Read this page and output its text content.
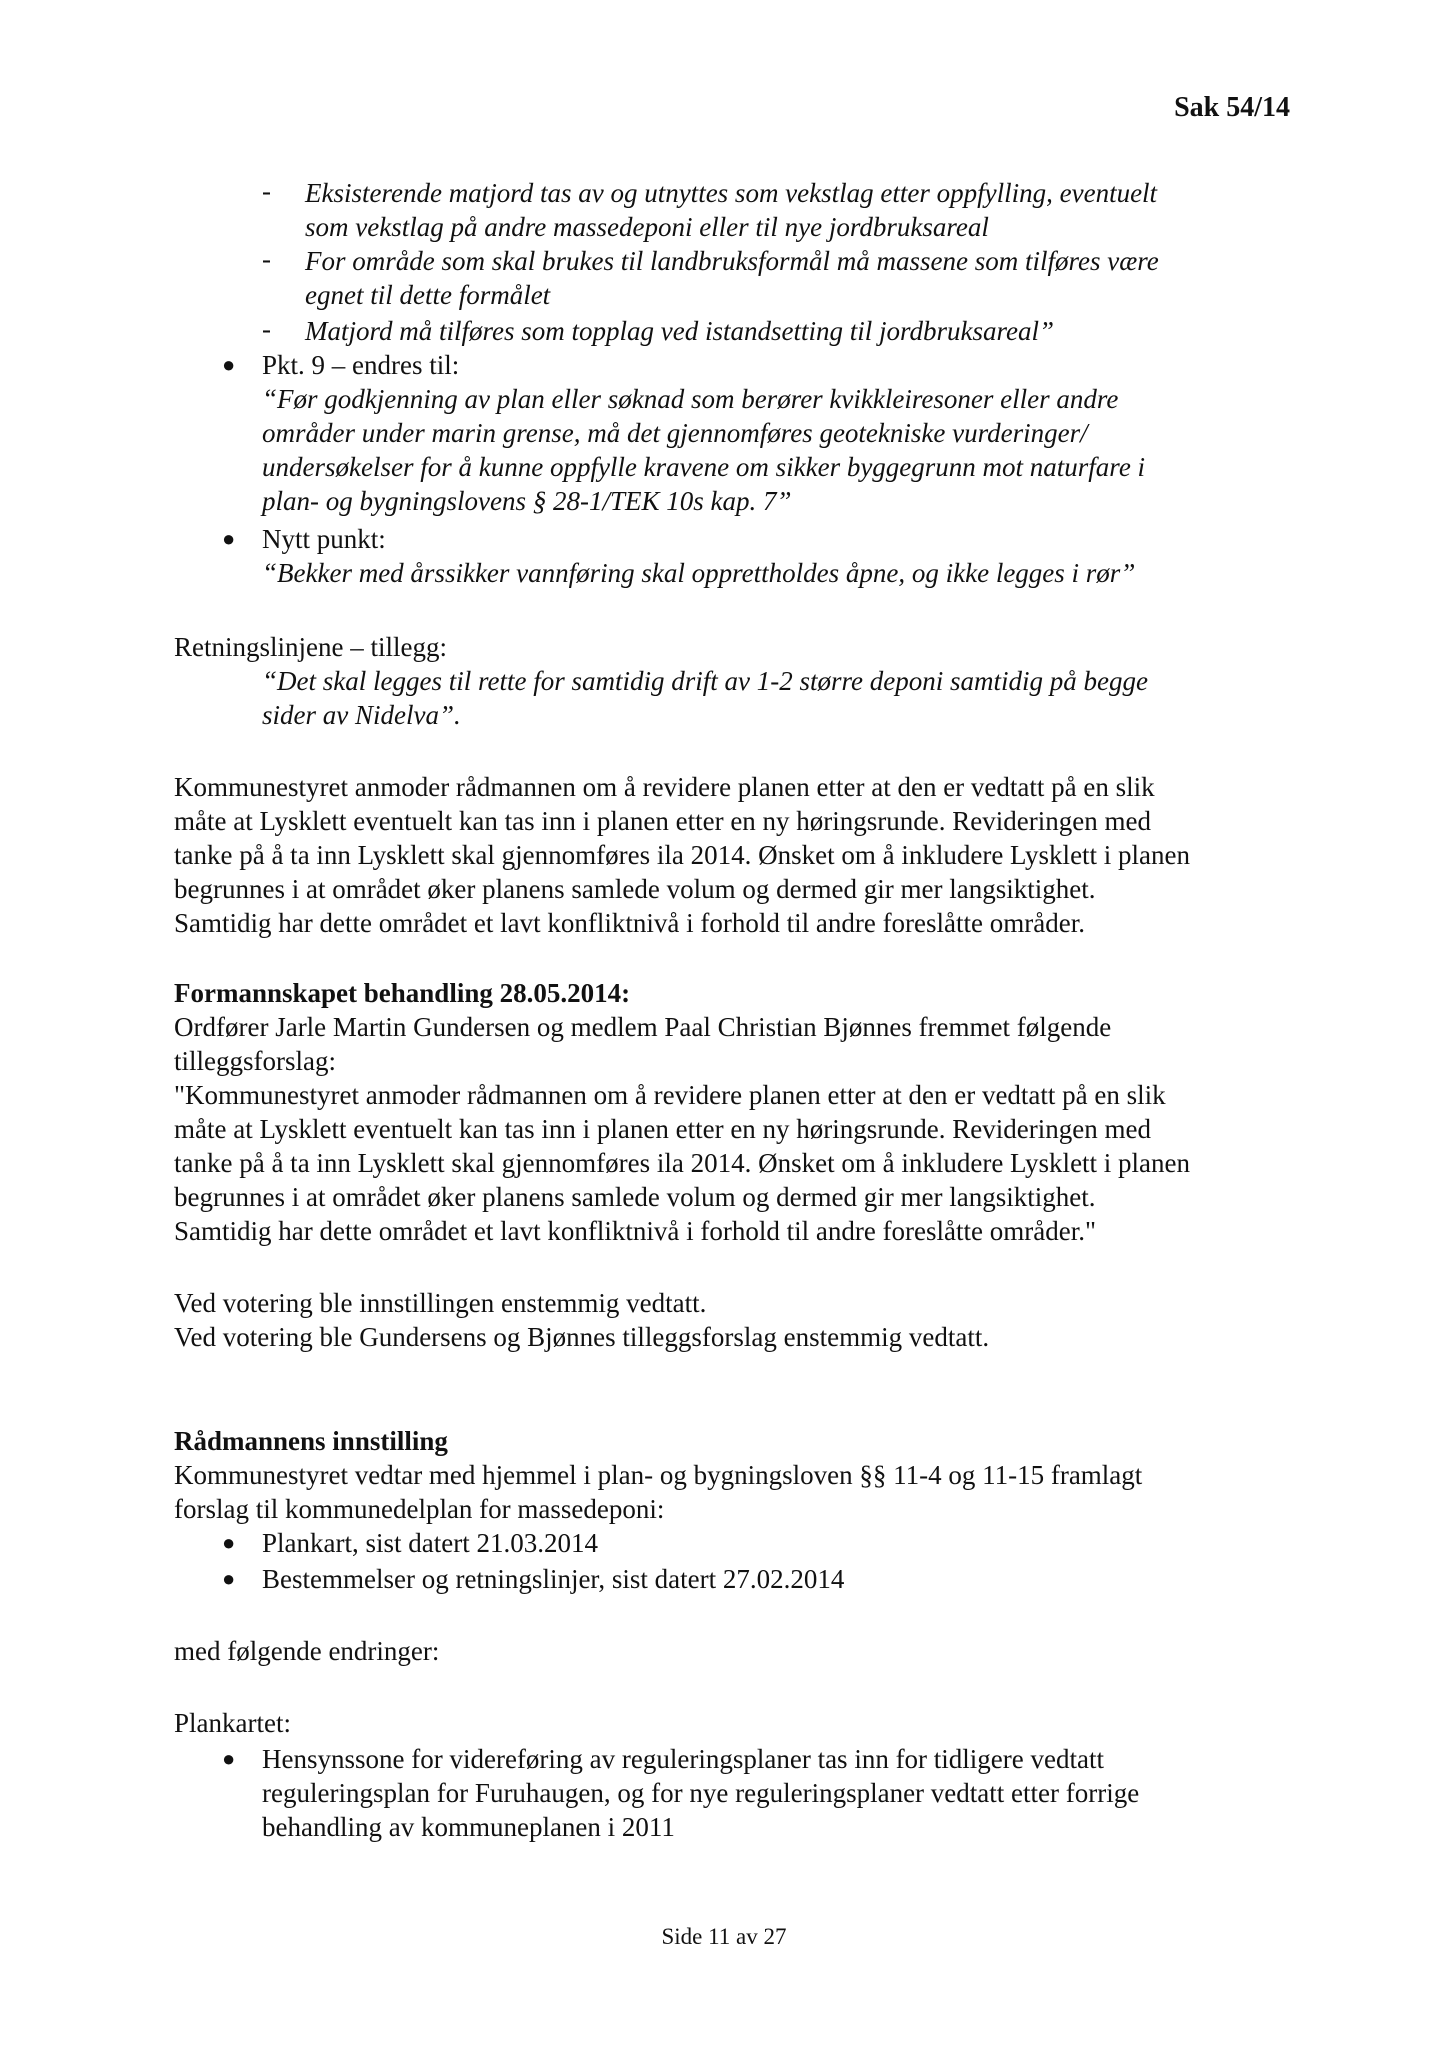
Sak 54/14
- Eksisterende matjord tas av og utnyttes som vekstlag etter oppfylling, eventuelt
som vekstlag på andre massedeponi eller til nye jordbruksareal
- For område som skal brukes til landbruksformål må massene som tilføres være
egnet til dette formålet
- Matjord må tilføres som topplag ved istandsetting til jordbruksareal”
● Pkt. 9 – endres til:
“Før godkjenning av plan eller søknad som berører kvikkleiresoner eller andre
områder under marin grense, må det gjennomføres geotekniske vurderinger/
undersøkelser for å kunne oppfylle kravene om sikker byggegrunn mot naturfare i
plan- og bygningslovens § 28-1/TEK 10s kap. 7”
● Nytt punkt:
“Bekker med årssikker vannføring skal opprettholdes åpne, og ikke legges i rør”
Retningslinjene – tillegg:
“Det skal legges til rette for samtidig drift av 1-2 større deponi samtidig på begge
sider av Nidelva”.
Kommunestyret anmoder rådmannen om å revidere planen etter at den er vedtatt på en slik
måte at Lysklett eventuelt kan tas inn i planen etter en ny høringsrunde. Revideringen med
tanke på å ta inn Lysklett skal gjennomføres ila 2014. Ønsket om å inkludere Lysklett i planen
begrunnes i at området øker planens samlede volum og dermed gir mer langsiktighet.
Samtidig har dette området et lavt konfliktnivå i forhold til andre foreslåtte områder.
Formannskapet behandling 28.05.2014:
Ordfører Jarle Martin Gundersen og medlem Paal Christian Bjønnes fremmet følgende
tilleggsforslag:
"Kommunestyret anmoder rådmannen om å revidere planen etter at den er vedtatt på en slik
måte at Lysklett eventuelt kan tas inn i planen etter en ny høringsrunde. Revideringen med
tanke på å ta inn Lysklett skal gjennomføres ila 2014. Ønsket om å inkludere Lysklett i planen
begrunnes i at området øker planens samlede volum og dermed gir mer langsiktighet.
Samtidig har dette området et lavt konfliktnivå i forhold til andre foreslåtte områder."
Ved votering ble innstillingen enstemmig vedtatt.
Ved votering ble Gundersens og Bjønnes tilleggsforslag enstemmig vedtatt.
Rådmannens innstilling
Kommunestyret vedtar med hjemmel i plan- og bygningsloven §§ 11-4 og 11-15 framlagt
forslag til kommunedelplan for massedeponi:
● Plankart, sist datert 21.03.2014
● Bestemmelser og retningslinjer, sist datert 27.02.2014
med følgende endringer:
Plankartet:
● Hensynssone for videreføring av reguleringsplaner tas inn for tidligere vedtatt
reguleringsplan for Furuhaugen, og for nye reguleringsplaner vedtatt etter forrige
behandling av kommuneplanen i 2011
Side 11 av 27
